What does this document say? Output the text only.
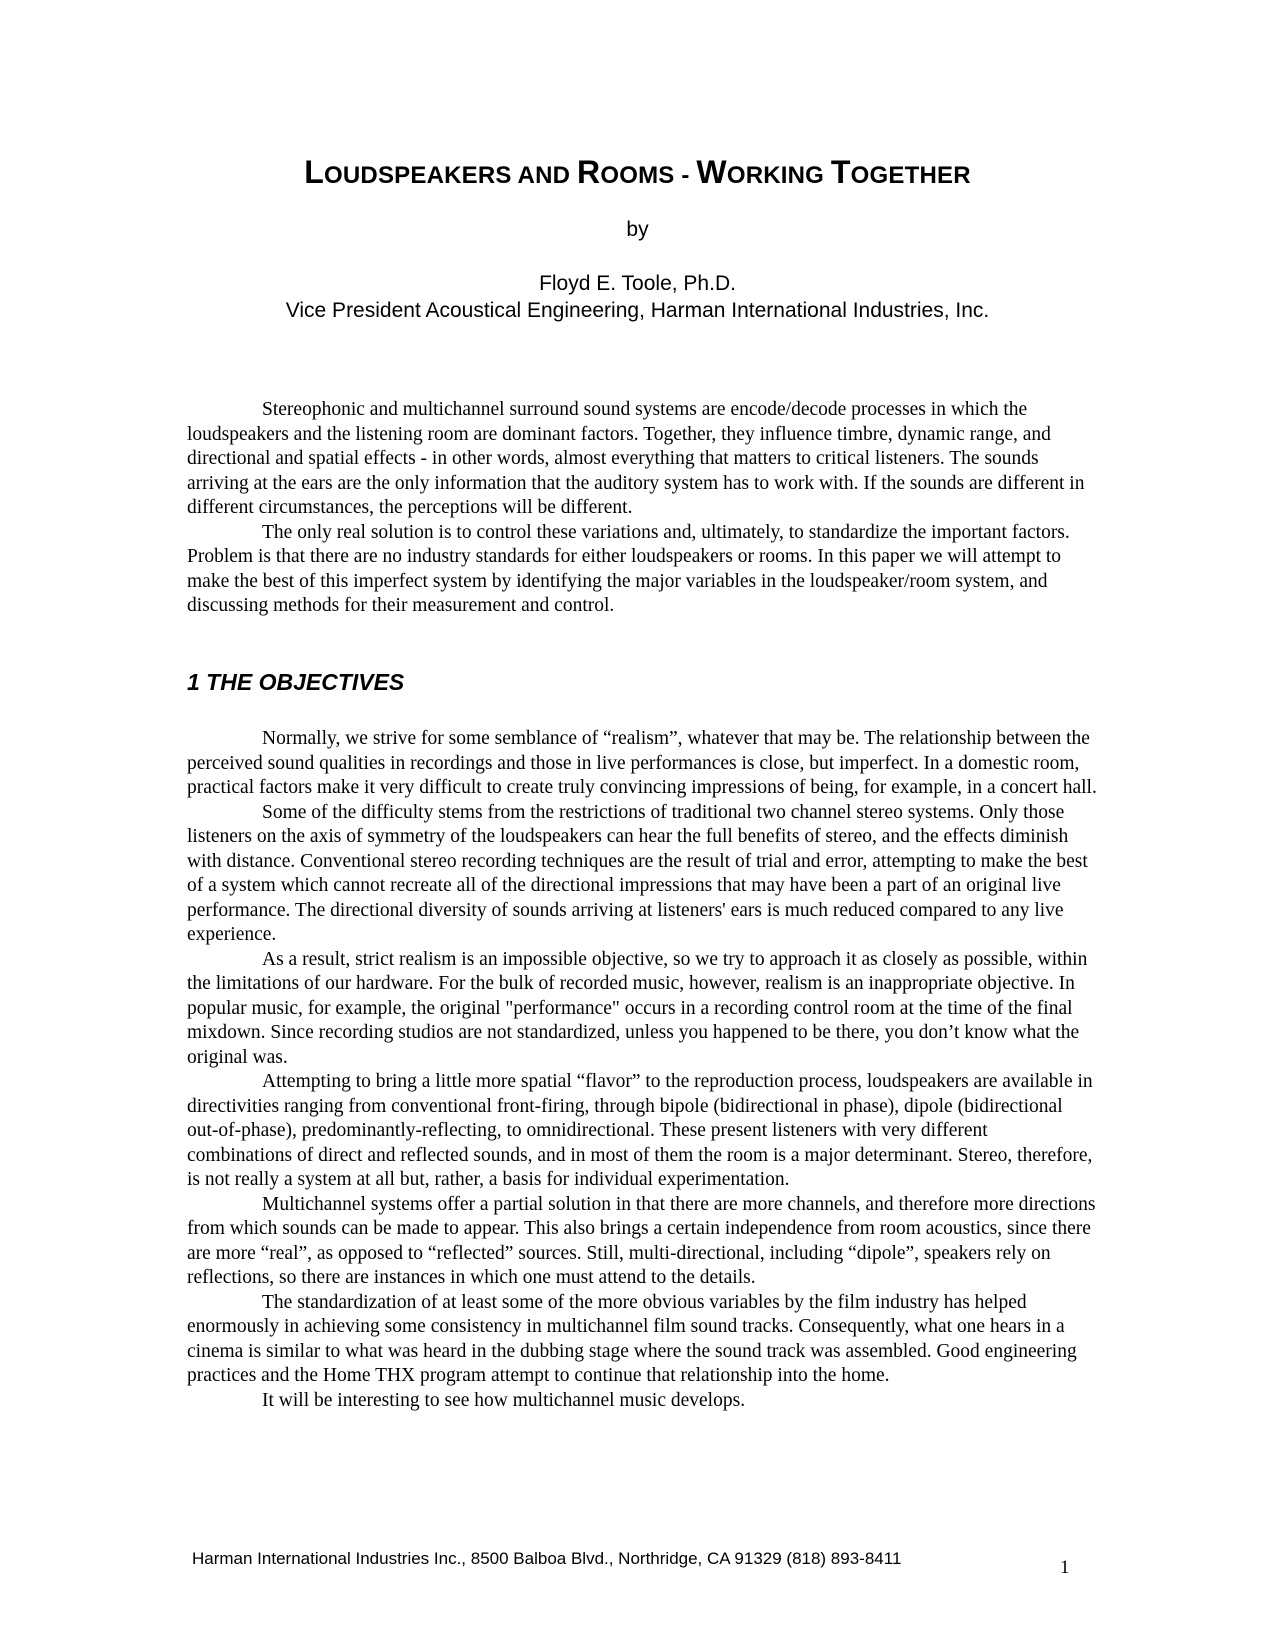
LOUDSPEAKERS AND ROOMS - WORKING TOGETHER
by
Floyd E. Toole, Ph.D.
Vice President Acoustical Engineering, Harman International Industries, Inc.

Stereophonic and multichannel surround sound systems are encode/decode processes in which the loudspeakers and the listening room are dominant factors. Together, they influence timbre, dynamic range, and directional and spatial effects - in other words, almost everything that matters to critical listeners. The sounds arriving at the ears are the only information that the auditory system has to work with. If the sounds are different in different circumstances, the perceptions will be different.

The only real solution is to control these variations and, ultimately, to standardize the important factors. Problem is that there are no industry standards for either loudspeakers or rooms. In this paper we will attempt to make the best of this imperfect system by identifying the major variables in the loudspeaker/room system, and discussing methods for their measurement and control.

1 THE OBJECTIVES

Normally, we strive for some semblance of “realism”, whatever that may be. The relationship between the perceived sound qualities in recordings and those in live performances is close, but imperfect. In a domestic room, practical factors make it very difficult to create truly convincing impressions of being, for example, in a concert hall.

Some of the difficulty stems from the restrictions of traditional two channel stereo systems. Only those listeners on the axis of symmetry of the loudspeakers can hear the full benefits of stereo, and the effects diminish with distance. Conventional stereo recording techniques are the result of trial and error, attempting to make the best of a system which cannot recreate all of the directional impressions that may have been a part of an original live performance. The directional diversity of sounds arriving at listeners' ears is much reduced compared to any live experience.

As a result, strict realism is an impossible objective, so we try to approach it as closely as possible, within the limitations of our hardware. For the bulk of recorded music, however, realism is an inappropriate objective. In popular music, for example, the original "performance" occurs in a recording control room at the time of the final mixdown. Since recording studios are not standardized, unless you happened to be there, you don’t know what the original was.

Attempting to bring a little more spatial “flavor” to the reproduction process, loudspeakers are available in directivities ranging from conventional front-firing, through bipole (bidirectional in phase), dipole (bidirectional out-of-phase), predominantly-reflecting, to omnidirectional. These present listeners with very different combinations of direct and reflected sounds, and in most of them the room is a major determinant. Stereo, therefore, is not really a system at all but, rather, a basis for individual experimentation.

Multichannel systems offer a partial solution in that there are more channels, and therefore more directions from which sounds can be made to appear. This also brings a certain independence from room acoustics, since there are more “real”, as opposed to “reflected” sources. Still, multi-directional, including “dipole”, speakers rely on reflections, so there are instances in which one must attend to the details.

The standardization of at least some of the more obvious variables by the film industry has helped enormously in achieving some consistency in multichannel film sound tracks. Consequently, what one hears in a cinema is similar to what was heard in the dubbing stage where the sound track was assembled. Good engineering practices and the Home THX program attempt to continue that relationship into the home.

It will be interesting to see how multichannel music develops.

Harman International Industries Inc., 8500 Balboa Blvd., Northridge, CA 91329 (818) 893-8411	1
